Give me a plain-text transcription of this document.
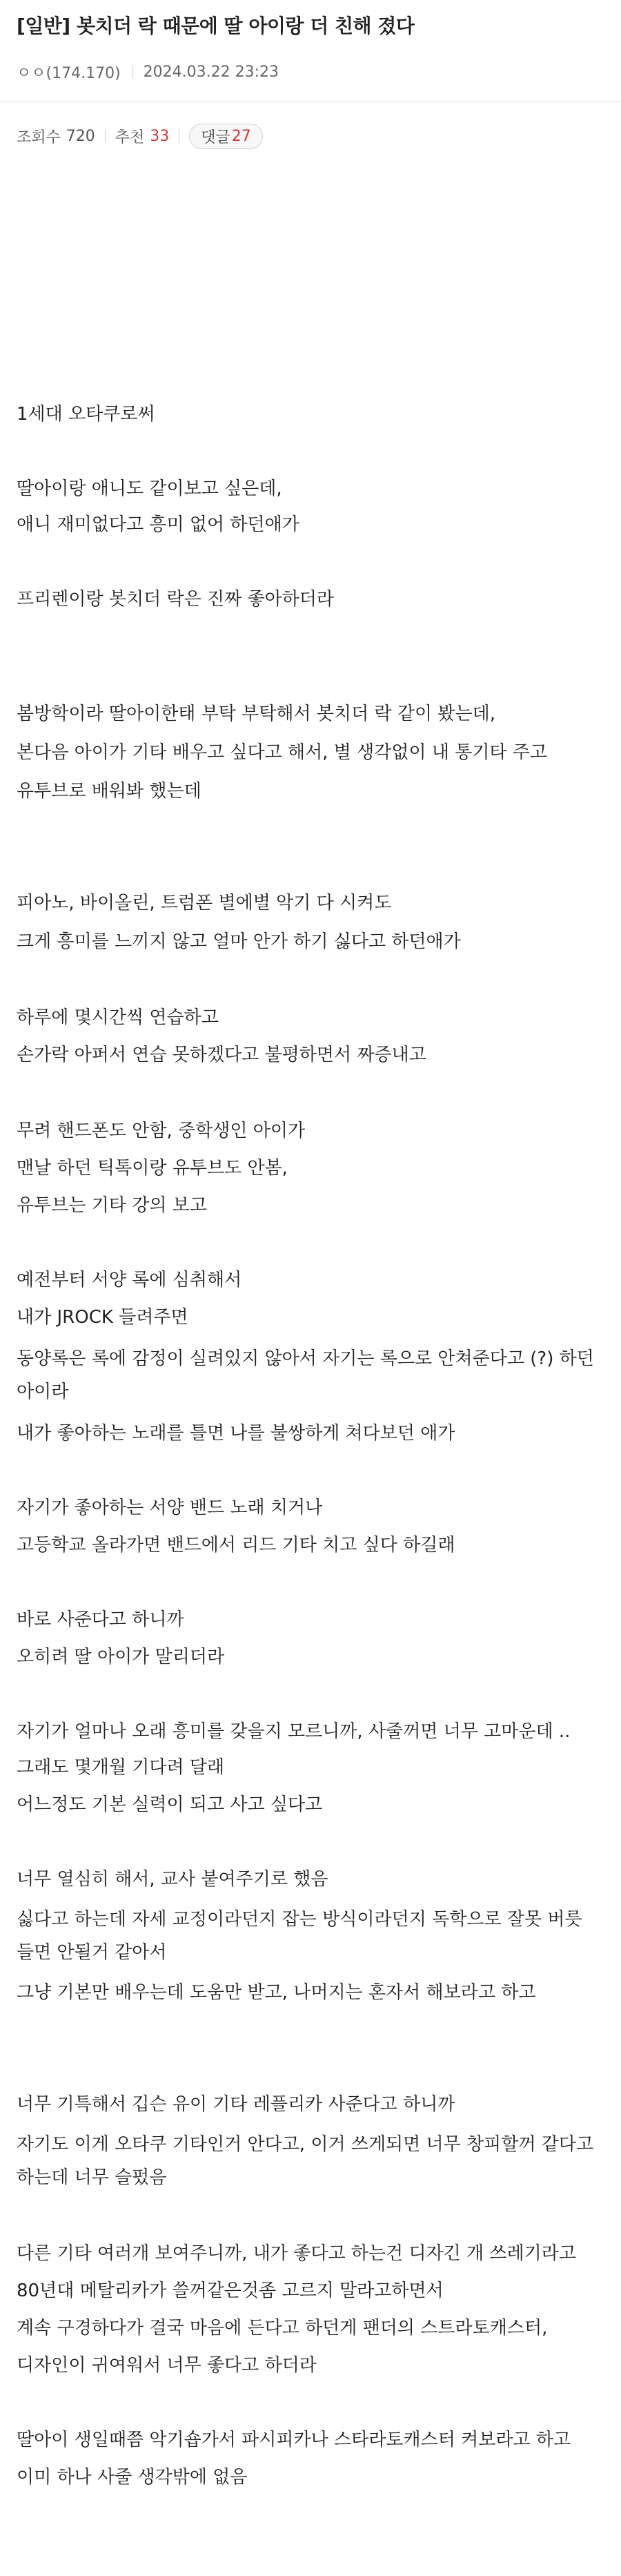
[일반] 봇치더 락 때문에 딸 아이랑 더 친해 졌다
ㅇㅇ(174.170) 2024.03.22 23:23
조회수 720 추천 33 댓글 27
1세대 오타쿠로써
딸아이랑 애니도 같이보고 싶은데,
애니 재미없다고 흥미 없어 하던애가
프리렌이랑 봇치더 락은 진짜 좋아하더라
봄방학이라 딸아이한태 부탁 부탁해서 봇치더 락 같이 봤는데,
본다음 아이가 기타 배우고 싶다고 해서, 별 생각없이 내 통기타 주고
유투브로 배워봐 했는데
피아노, 바이올린, 트럼폰 별에별 악기 다 시켜도
크게 흥미를 느끼지 않고 얼마 안가 하기 싫다고 하던애가
하루에 몇시간씩 연습하고
손가락 아퍼서 연습 못하겠다고 불평하면서 짜증내고
무려 핸드폰도 안함, 중학생인 아이가
맨날 하던 틱톡이랑 유투브도 안봄,
유투브는 기타 강의 보고
예전부터 서양 록에 심취해서
내가 JROCK 들려주면
동양록은 록에 감정이 실려있지 않아서 자기는 록으로 안쳐준다고 (?) 하던 아이라
내가 좋아하는 노래를 틀면 나를 불쌍하게 쳐다보던 애가
자기가 좋아하는 서양 밴드 노래 치거나
고등학교 올라가면 밴드에서 리드 기타 치고 싶다 하길래
바로 사준다고 하니까
오히려 딸 아이가 말리더라
자기가 얼마나 오래 흥미를 갖을지 모르니까, 사줄꺼면 너무 고마운데 ..
그래도 몇개월 기다려 달래
어느정도 기본 실력이 되고 사고 싶다고
너무 열심히 해서, 교사 붙여주기로 했음
싫다고 하는데 자세 교정이라던지 잡는 방식이라던지 독학으로 잘못 버릇 들면 안될거 같아서
그냥 기본만 배우는데 도움만 받고, 나머지는 혼자서 해보라고 하고
너무 기특해서 깁슨 유이 기타 레플리카 사준다고 하니까
자기도 이게 오타쿠 기타인거 안다고, 이거 쓰게되면 너무 창피할꺼 같다고 하는데 너무 슬펐음
다른 기타 여러개 보여주니까, 내가 좋다고 하는건 디자긴 개 쓰레기라고
80년대 메탈리카가 쓸꺼같은것좀 고르지 말라고하면서
계속 구경하다가 결국 마음에 든다고 하던게 팬더의 스트라토캐스터,
디자인이 귀여워서 너무 좋다고 하더라
딸아이 생일때쯤 악기숍가서 파시피카나 스타라토캐스터 켜보라고 하고
이미 하나 사줄 생각밖에 없음
